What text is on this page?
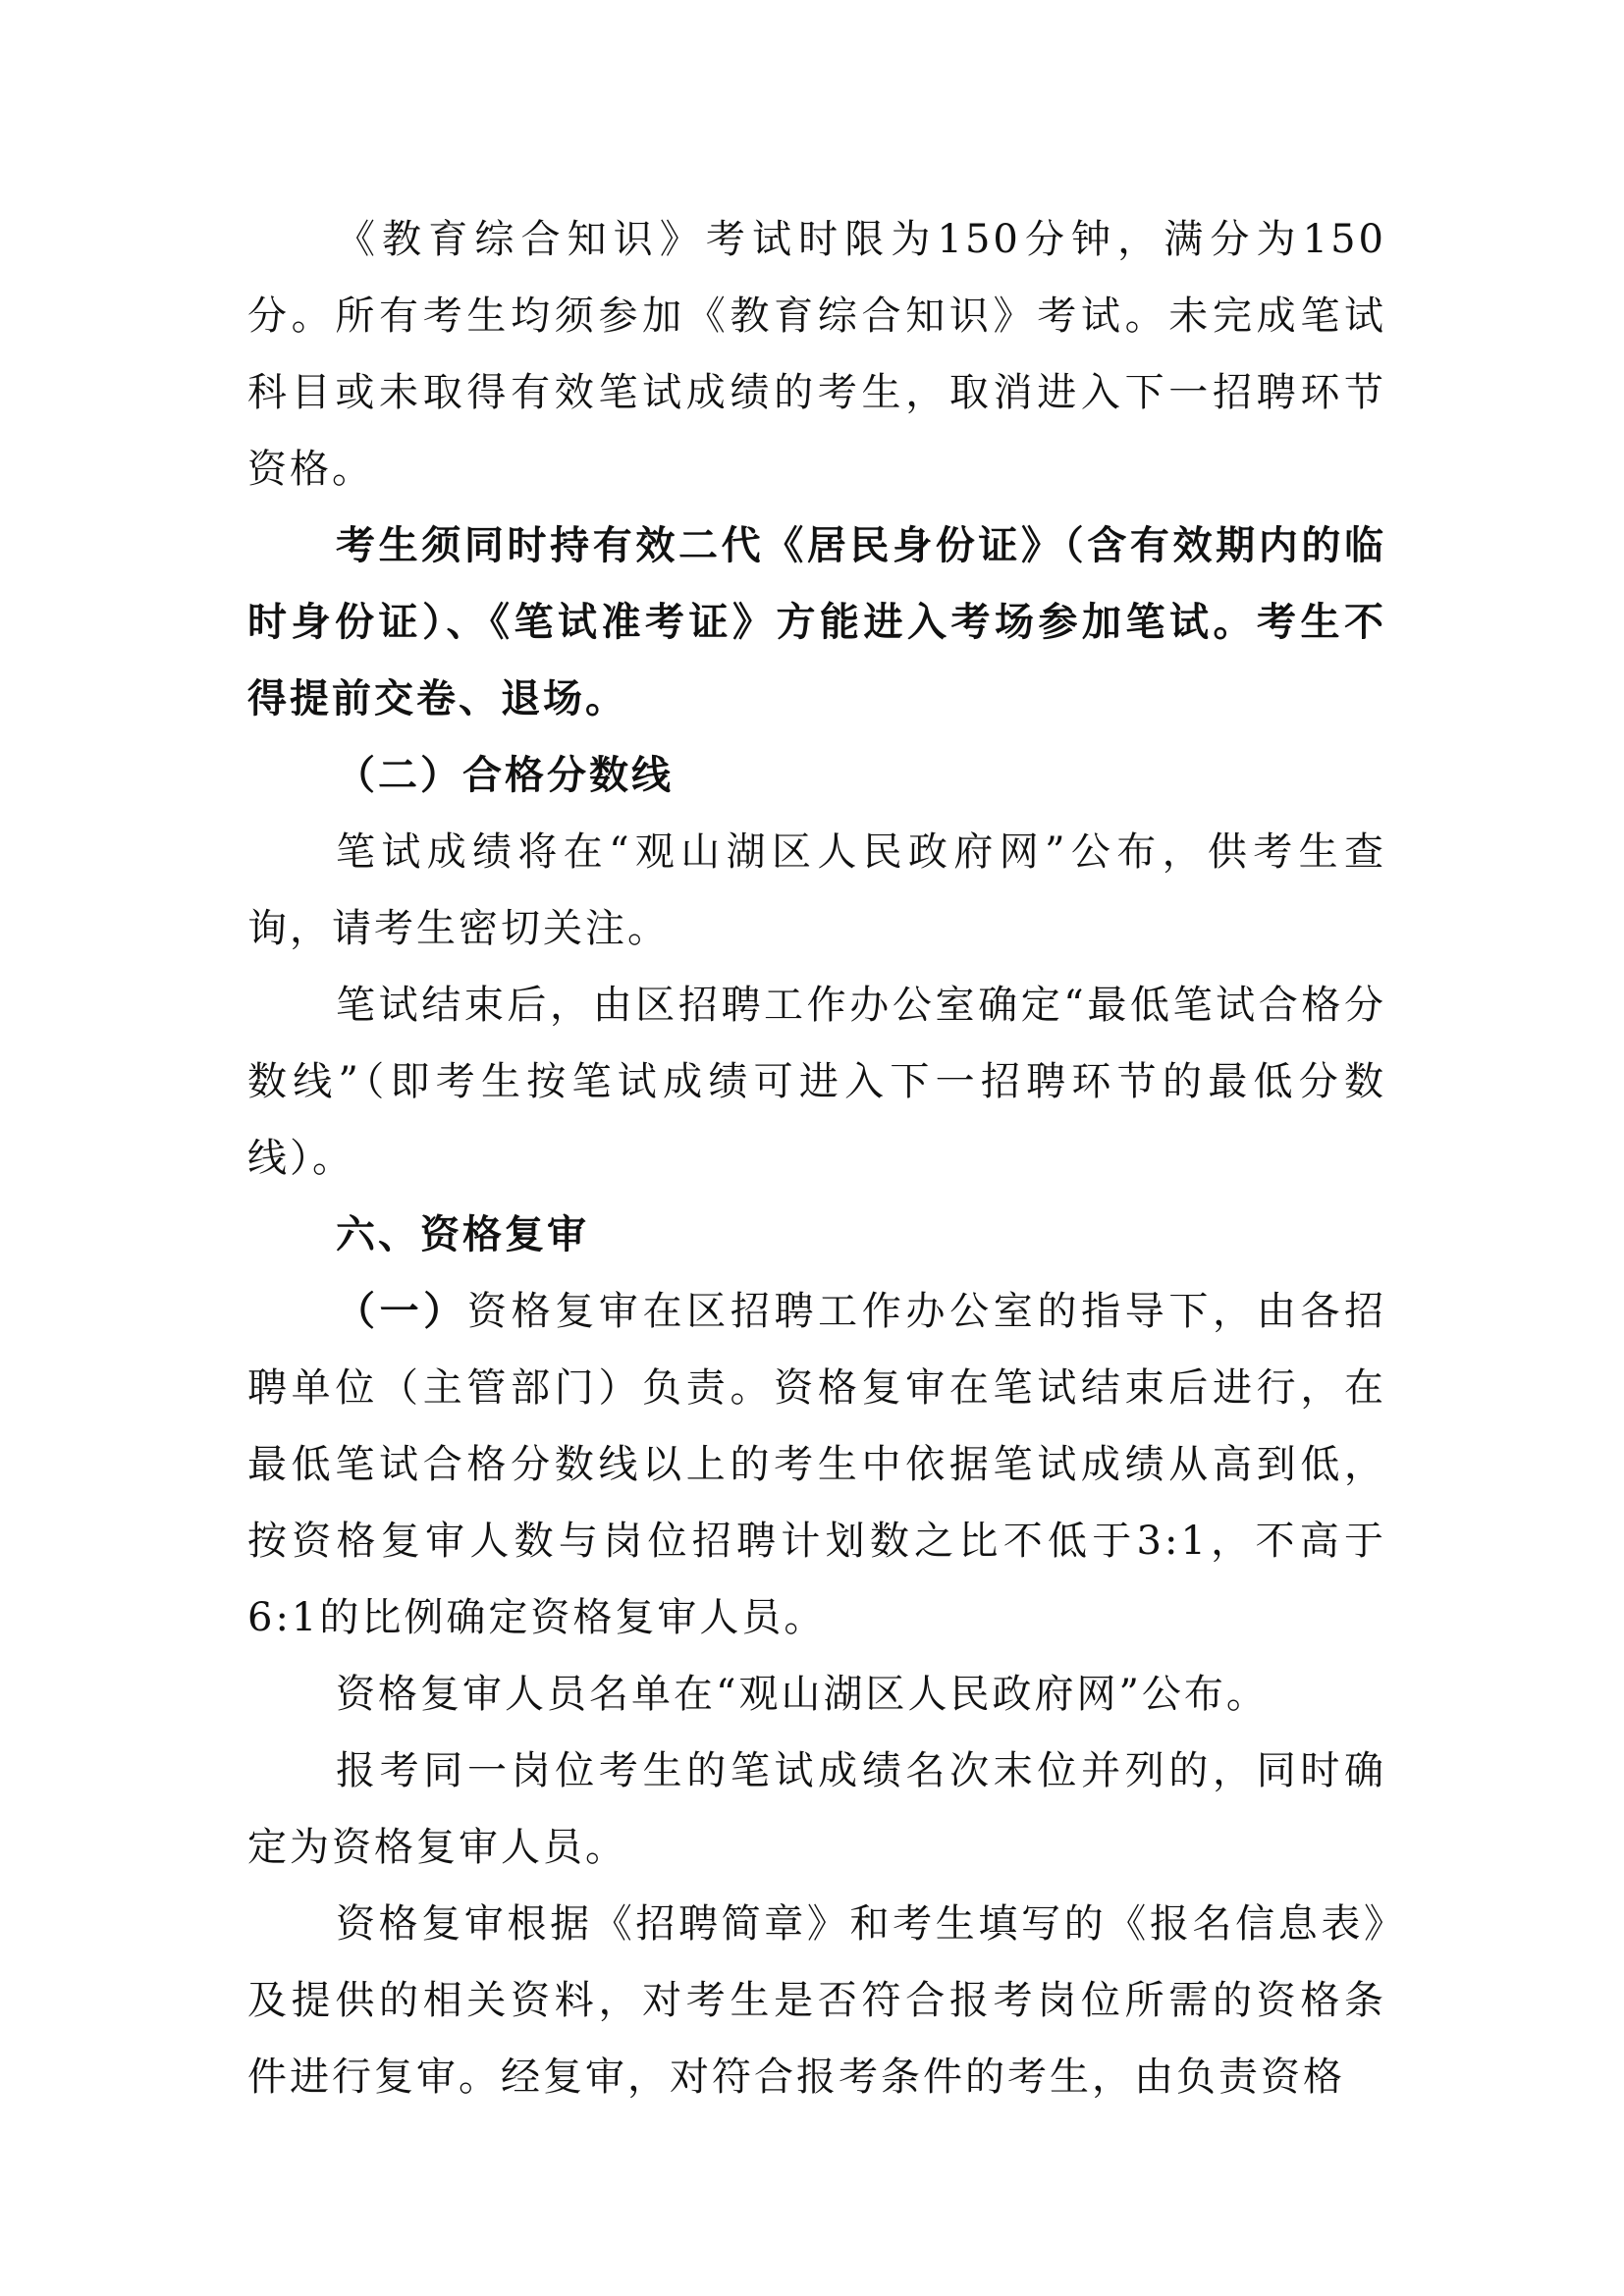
《教育综合知识》考试时限为150分钟，满分为150分。所有考生均须参加《教育综合知识》考试。未完成笔试科目或未取得有效笔试成绩的考生，取消进入下一招聘环节资格。

考生须同时持有效二代《居民身份证》（含有效期内的临时身份证）、《笔试准考证》方能进入考场参加笔试。考生不得提前交卷、退场。

（二）合格分数线

笔试成绩将在“观山湖区人民政府网”公布，供考生查询，请考生密切关注。

笔试结束后，由区招聘工作办公室确定“最低笔试合格分数线”（即考生按笔试成绩可进入下一招聘环节的最低分数线）。

六、资格复审

（一）资格复审在区招聘工作办公室的指导下，由各招聘单位（主管部门）负责。资格复审在笔试结束后进行，在最低笔试合格分数线以上的考生中依据笔试成绩从高到低，按资格复审人数与岗位招聘计划数之比不低于3:1，不高于6:1的比例确定资格复审人员。

资格复审人员名单在“观山湖区人民政府网”公布。

报考同一岗位考生的笔试成绩名次末位并列的，同时确定为资格复审人员。

资格复审根据《招聘简章》和考生填写的《报名信息表》及提供的相关资料，对考生是否符合报考岗位所需的资格条件进行复审。经复审，对符合报考条件的考生，由负责资格
